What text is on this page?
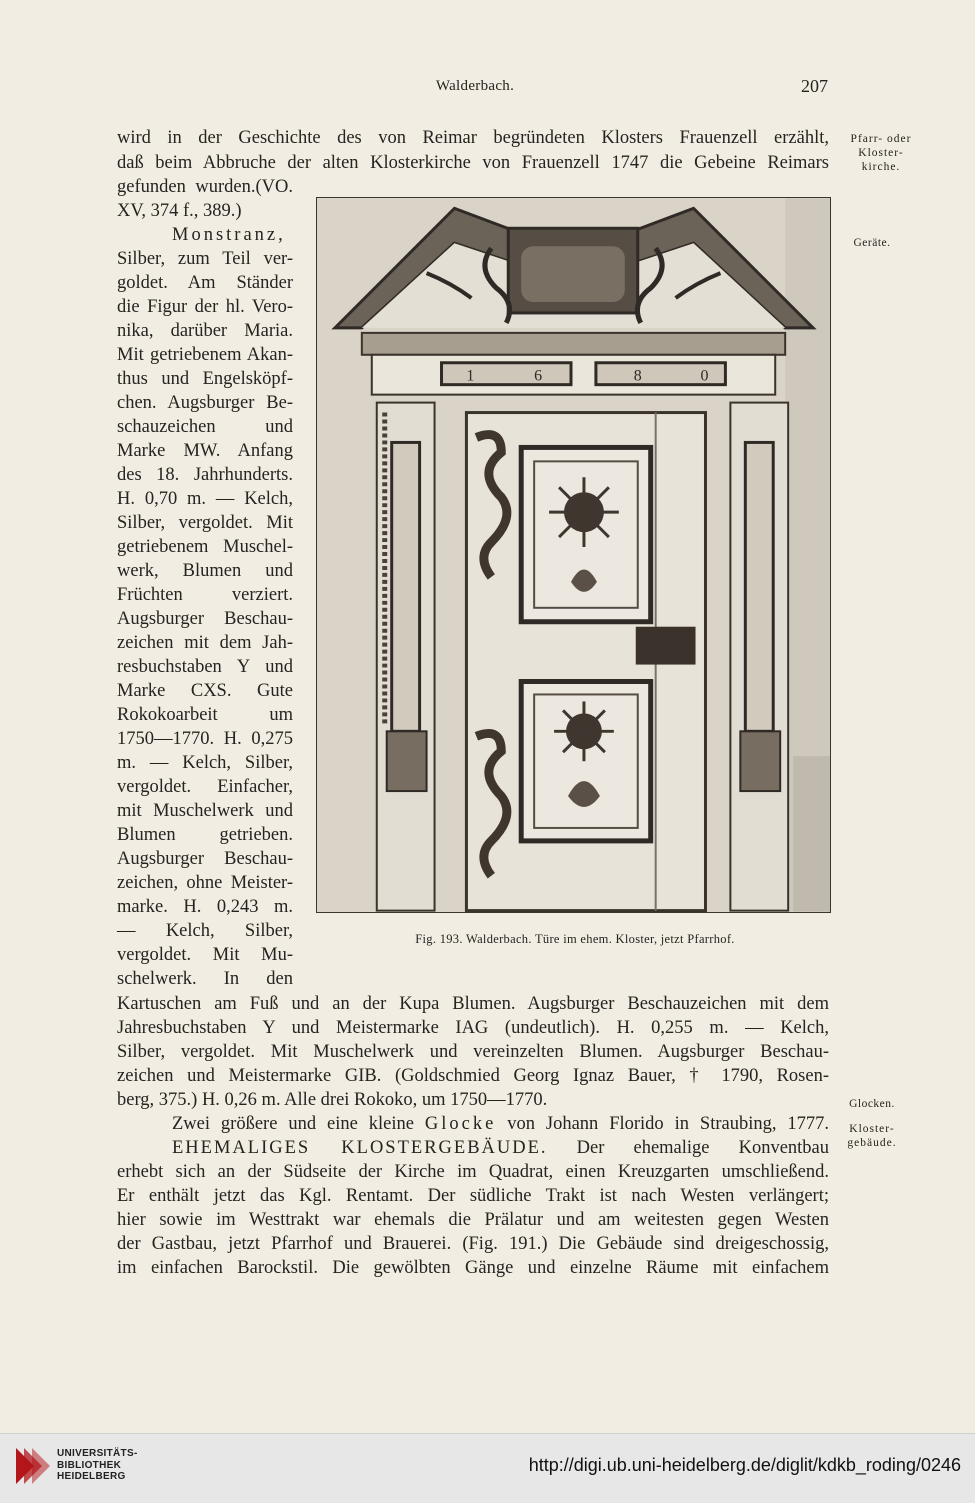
Walderbach.	207
Pfarr- oder
Kloster-
kirche.
Geräte.
Glocken.
Kloster-
gebäude.
wird in der Geschichte des von Reimar begründeten Klosters Frauenzell erzählt,
daß beim Abbruche der alten Klosterkirche von Frauenzell 1747 die Gebeine Reimars
gefunden wurden.(VO.
XV, 374 f., 389.)
Monstranz,
Silber, zum Teil ver-
goldet. Am Ständer
die Figur der hl. Vero-
nika, darüber Maria.
Mit getriebenem Akan-
thus und Engelsköpf-
chen. Augsburger Be-
schauzeichen und
Marke MW. Anfang
des 18. Jahrhunderts.
H. 0,70 m. — Kelch,
Silber, vergoldet. Mit
getriebenem Muschel-
werk, Blumen und
Früchten verziert.
Augsburger Beschau-
zeichen mit dem Jah-
resbuchstaben Y und
Marke CXS. Gute
Rokokoarbeit um
1750—1770. H. 0,275
m. — Kelch, Silber,
vergoldet. Einfacher,
mit Muschelwerk und
Blumen getrieben.
Augsburger Beschau-
zeichen, ohne Meister-
marke. H. 0,243 m.
— Kelch, Silber,
vergoldet. Mit Mu-
schelwerk. In den
1	6	8	0
Fig. 193. Walderbach. Türe im ehem. Kloster, jetzt Pfarrhof.
Kartuschen am Fuß und an der Kupa Blumen. Augsburger Beschauzeichen mit dem
Jahresbuchstaben Y und Meistermarke IAG (undeutlich). H. 0,255 m. — Kelch,
Silber, vergoldet. Mit Muschelwerk und vereinzelten Blumen. Augsburger Beschau-
zeichen und Meistermarke GIB. (Goldschmied Georg Ignaz Bauer, † 1790, Rosen-
berg, 375.) H. 0,26 m. Alle drei Rokoko, um 1750—1770.
Zwei größere und eine kleine Glocke von Johann Florido in Straubing, 1777.
EHEMALIGES KLOSTERGEBÄUDE. Der ehemalige Konventbau
erhebt sich an der Südseite der Kirche im Quadrat, einen Kreuzgarten umschließend.
Er enthält jetzt das Kgl. Rentamt. Der südliche Trakt ist nach Westen verlängert;
hier sowie im Westtrakt war ehemals die Prälatur und am weitesten gegen Westen
der Gastbau, jetzt Pfarrhof und Brauerei. (Fig. 191.) Die Gebäude sind dreigeschossig,
im einfachen Barockstil. Die gewölbten Gänge und einzelne Räume mit einfachem
UNIVERSITÄTS-
BIBLIOTHEK
HEIDELBERG
http://digi.ub.uni-heidelberg.de/diglit/kdkb_roding/0246
